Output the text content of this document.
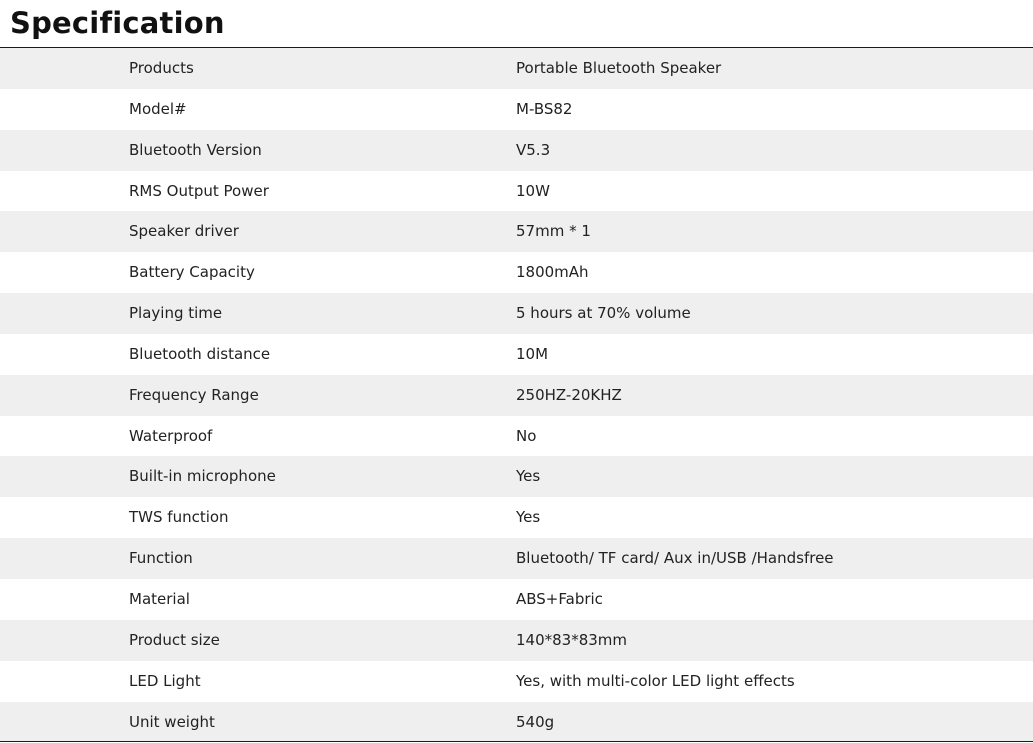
Specification
Products	Portable Bluetooth Speaker
Model#	M-BS82
Bluetooth Version	V5.3
RMS Output Power	10W
Speaker driver	57mm * 1
Battery Capacity	1800mAh
Playing time	5 hours at 70% volume
Bluetooth distance	10M
Frequency Range	250HZ-20KHZ
Waterproof	No
Built-in microphone	Yes
TWS function	Yes
Function	Bluetooth/ TF card/ Aux in/USB /Handsfree
Material	ABS+Fabric
Product size	140*83*83mm
LED Light	Yes, with multi-color LED light effects
Unit weight	540g
